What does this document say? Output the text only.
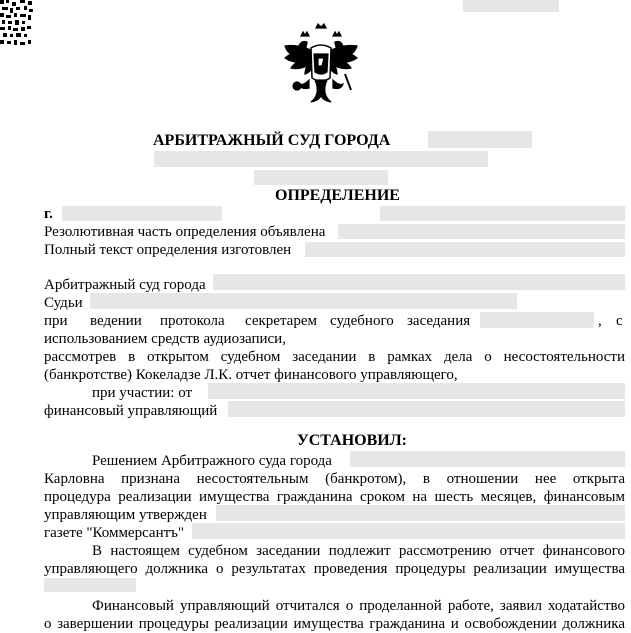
АРБИТРАЖНЫЙ СУД ГОРОДА
ОПРЕДЕЛЕНИЕ
г.
Резолютивная часть определения объявлена
Полный текст определения изготовлен
Арбитражный суд города
Судьи
при ведении протокола секретарем судебного заседания	, с
использованием средств аудиозаписи,
рассмотрев в открытом судебном заседании в рамках дела о несостоятельности
(банкротстве) Кокеладзе Л.К. отчет финансового управляющего,
при участии: от
финансовый управляющий
УСТАНОВИЛ:
Решением Арбитражного суда города
Карловна признана несостоятельным (банкротом), в отношении нее открыта
процедура реализации имущества гражданина сроком на шесть месяцев, финансовым
управляющим утвержден
газете "Коммерсантъ"
В настоящем судебном заседании подлежит рассмотрению отчет финансового
управляющего должника о результатах проведения процедуры реализации имущества
Финансовый управляющий отчитался о проделанной работе, заявил ходатайство
о завершении процедуры реализации имущества гражданина и освобождении должника
